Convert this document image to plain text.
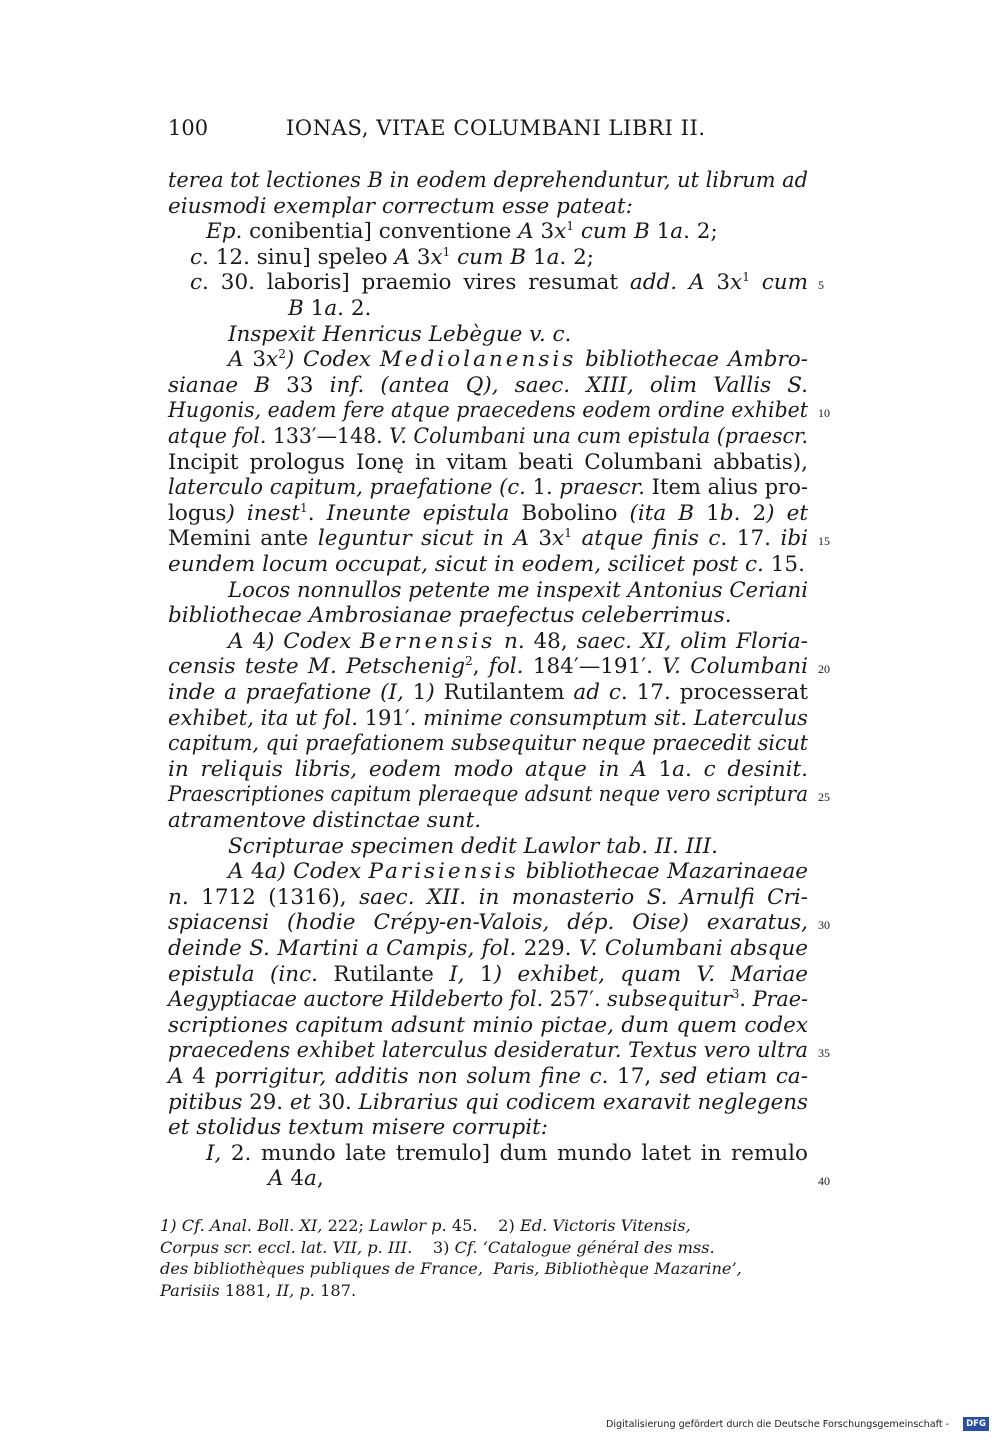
100	IONAS, VITAE COLUMBANI LIBRI II.
terea tot lectiones B in eodem deprehenduntur, ut librum ad
eiusmodi exemplar correctum esse pateat:
Ep. conibentia] conventione A $3x^1$ cum B 1a. 2;
c. 12. sinu] speleo A $3x^1$ cum B 1a. 2;
c. 30. laboris] praemio vires resumat add. A $3x^1$ cum 5
B 1a. 2.
Inspexit Henricus Lebègue v. c.
A $3x^2$) Codex Mediolanensis bibliothecae Ambro-
sianae B 33 inf. (antea Q), saec. XIII, olim Vallis S.
Hugonis, eadem fere atque praecedens eodem ordine exhibet 10
atque fol. 133′—148. V. Columbani una cum epistula (praescr.
Incipit prologus Ionę in vitam beati Columbani abbatis),
laterculo capitum, praefatione (c. 1. praescr. Item alius pro-
logus) inest$^1$. Ineunte epistula Bobolino (ita B 1b. 2) et
Memini ante leguntur sicut in A $3x^1$ atque finis c. 17. ibi 15
eundem locum occupat, sicut in eodem, scilicet post c. 15.
Locos nonnullos petente me inspexit Antonius Ceriani
bibliothecae Ambrosianae praefectus celeberrimus.
A 4) Codex Bernensis n. 48, saec. XI, olim Floria-
censis teste M. Petschenig$^2$, fol. 184′—191′. V. Columbani 20
inde a praefatione (I, 1) Rutilantem ad c. 17. processerat
exhibet, ita ut fol. 191′. minime consumptum sit. Laterculus
capitum, qui praefationem subsequitur neque praecedit sicut
in reliquis libris, eodem modo atque in A 1a. c desinit.
Praescriptiones capitum pleraeque adsunt neque vero scriptura 25
atramentove distinctae sunt.
Scripturae specimen dedit Lawlor tab. II. III.
A 4a) Codex Parisiensis bibliothecae Mazarinaeae
n. 1712 (1316), saec. XII. in monasterio S. Arnulfi Cri-
spiacensi (hodie Crépy-en-Valois, dép. Oise) exaratus, 30
deinde S. Martini a Campis, fol. 229. V. Columbani absque
epistula (inc. Rutilante I, 1) exhibet, quam V. Mariae
Aegyptiacae auctore Hildeberto fol. 257′. subsequitur$^3$. Prae-
scriptiones capitum adsunt minio pictae, dum quem codex
praecedens exhibet laterculus desideratur. Textus vero ultra 35
A 4 porrigitur, additis non solum fine c. 17, sed etiam ca-
pitibus 29. et 30. Librarius qui codicem exaravit neglegens
et stolidus textum misere corrupit:
I, 2. mundo late tremulo] dum mundo latet in remulo
A 4a,	40
1) Cf. Anal. Boll. XI, 222; Lawlor p. 45. 2) Ed. Victoris Vitensis,
Corpus scr. eccl. lat. VII, p. III.    3) Cf. ‘Catalogue général des mss.
des bibliothèques publiques de France,  Paris, Bibliothèque Mazarine’,
Parisiis 1881, II, p. 187.
Digitalisierung gefördert durch die Deutsche Forschungsgemeinschaft -	DFG
